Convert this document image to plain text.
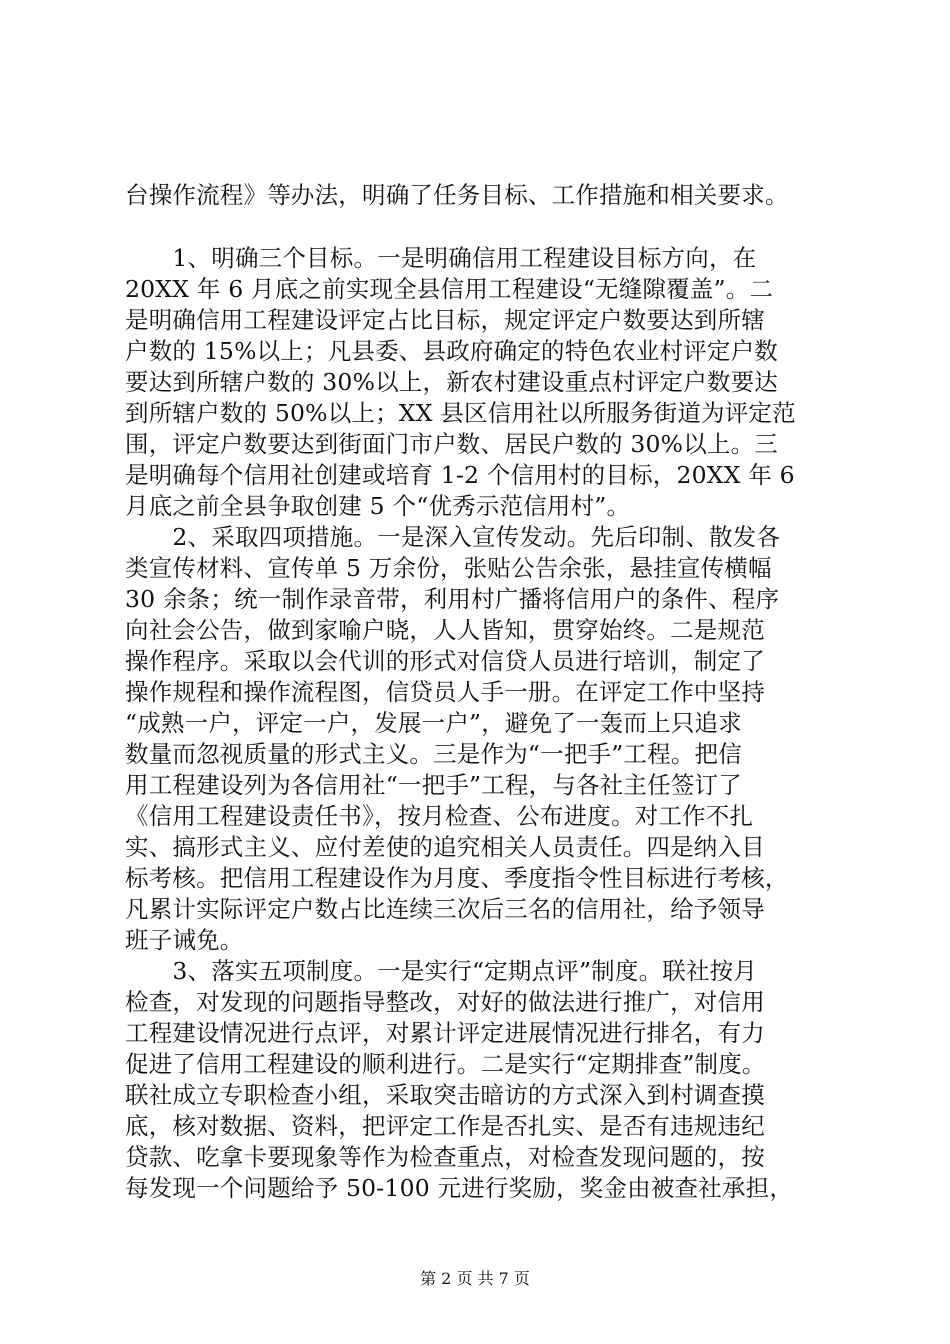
台操作流程》等办法，明确了任务目标、工作措施和相关要求。
　　1、明确三个目标。一是明确信用工程建设目标方向，在
20XX 年 6 月底之前实现全县信用工程建设“无缝隙覆盖”。二
是明确信用工程建设评定占比目标，规定评定户数要达到所辖
户数的 15%以上；凡县委、县政府确定的特色农业村评定户数
要达到所辖户数的 30%以上，新农村建设重点村评定户数要达
到所辖户数的 50%以上；XX 县区信用社以所服务街道为评定范
围，评定户数要达到街面门市户数、居民户数的 30%以上。三
是明确每个信用社创建或培育 1-2 个信用村的目标，20XX 年 6
月底之前全县争取创建 5 个“优秀示范信用村”。
　　2、采取四项措施。一是深入宣传发动。先后印制、散发各
类宣传材料、宣传单 5 万余份，张贴公告余张，悬挂宣传横幅
30 余条；统一制作录音带，利用村广播将信用户的条件、程序
向社会公告，做到家喻户晓，人人皆知，贯穿始终。二是规范
操作程序。采取以会代训的形式对信贷人员进行培训，制定了
操作规程和操作流程图，信贷员人手一册。在评定工作中坚持
“成熟一户，评定一户，发展一户”，避免了一轰而上只追求
数量而忽视质量的形式主义。三是作为“一把手”工程。把信
用工程建设列为各信用社“一把手”工程，与各社主任签订了
《信用工程建设责任书》，按月检查、公布进度。对工作不扎
实、搞形式主义、应付差使的追究相关人员责任。四是纳入目
标考核。把信用工程建设作为月度、季度指令性目标进行考核，
凡累计实际评定户数占比连续三次后三名的信用社，给予领导
班子诫免。
　　3、落实五项制度。一是实行“定期点评”制度。联社按月
检查，对发现的问题指导整改，对好的做法进行推广，对信用
工程建设情况进行点评，对累计评定进展情况进行排名，有力
促进了信用工程建设的顺利进行。二是实行“定期排查”制度。
联社成立专职检查小组，采取突击暗访的方式深入到村调查摸
底，核对数据、资料，把评定工作是否扎实、是否有违规违纪
贷款、吃拿卡要现象等作为检查重点，对检查发现问题的，按
每发现一个问题给予 50-100 元进行奖励，奖金由被查社承担，
第 2 页 共 7 页
